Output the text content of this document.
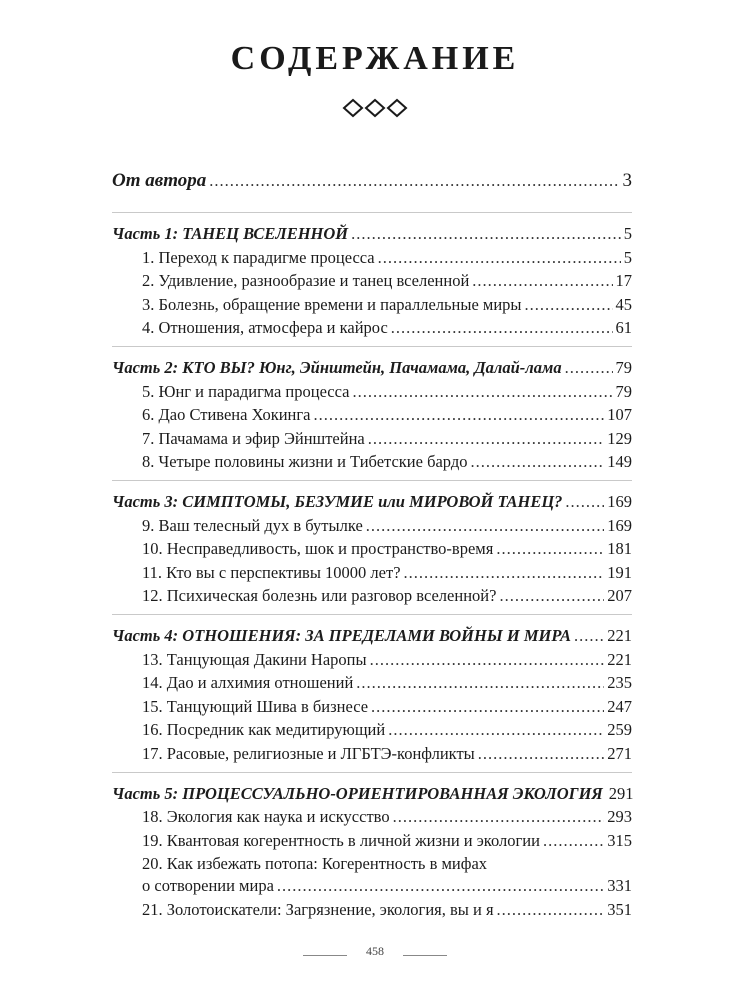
СОДЕРЖАНИЕ
От автора .....	3
Часть 1: ТАНЕЦ ВСЕЛЕННОЙ .....	5
1. Переход к парадигме процесса .....	5
2. Удивление, разнообразие и танец вселенной .....	17
3. Болезнь, обращение времени и параллельные миры .....	45
4. Отношения, атмосфера и кайрос .....	61
Часть 2: КТО ВЫ? Юнг, Эйнштейн, Пачамама, Далай-лама .....	79
5. Юнг и парадигма процесса .....	79
6. Дао Стивена Хокинга .....	107
7. Пачамама и эфир Эйнштейна .....	129
8. Четыре половины жизни и Тибетские бардо .....	149
Часть 3: СИМПТОМЫ, БЕЗУМИЕ или МИРОВОЙ ТАНЕЦ? .....	169
9. Ваш телесный дух в бутылке .....	169
10. Несправедливость, шок и пространство-время .....	181
11. Кто вы с перспективы 10000 лет? .....	191
12. Психическая болезнь или разговор вселенной? .....	207
Часть 4: ОТНОШЕНИЯ: ЗА ПРЕДЕЛАМИ ВОЙНЫ И МИРА ..... 221
13. Танцующая Дакини Наропы .....	221
14. Дао и алхимия отношений .....	235
15. Танцующий Шива в бизнесе .....	247
16. Посредник как медитирующий .....	259
17. Расовые, религиозные и ЛГБТЭ-конфликты .....	271
Часть 5: ПРОЦЕССУАЛЬНО-ОРИЕНТИРОВАННАЯ ЭКОЛОГИЯ 291
18. Экология как наука и искусство .....	293
19. Квантовая когерентность в личной жизни и экологии .....	315
20. Как избежать потопа: Когерентность в мифах
о сотворении мира .....	331
21. Золотоискатели: Загрязнение, экология, вы и я .....	351
458
